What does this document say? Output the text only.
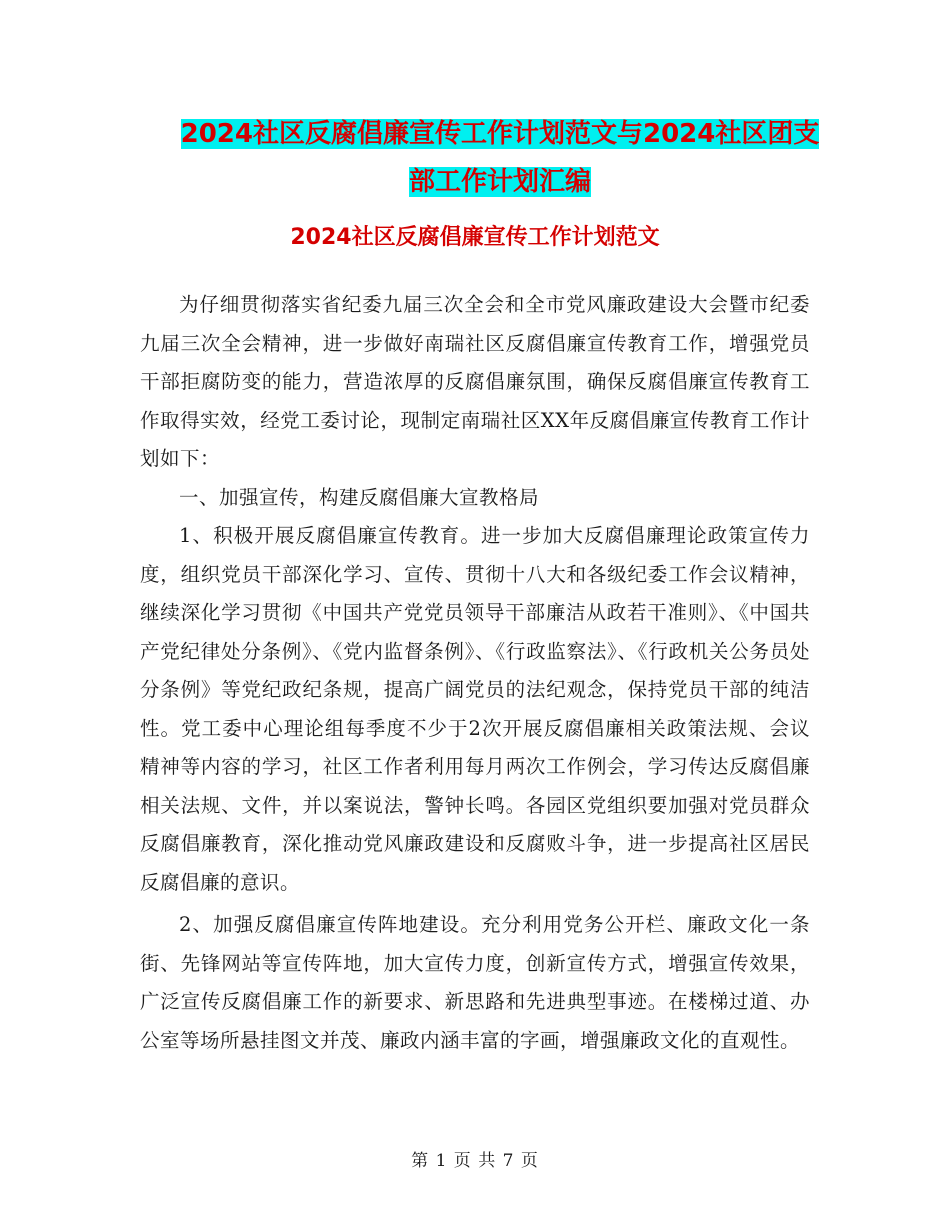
2024社区反腐倡廉宣传工作计划范文与2024社区团支
部工作计划汇编
2024社区反腐倡廉宣传工作计划范文

为仔细贯彻落实省纪委九届三次全会和全市党风廉政建设大会暨市纪委九届三次全会精神，进一步做好南瑞社区反腐倡廉宣传教育工作，增强党员干部拒腐防变的能力，营造浓厚的反腐倡廉氛围，确保反腐倡廉宣传教育工作取得实效，经党工委讨论，现制定南瑞社区XX年反腐倡廉宣传教育工作计划如下：

一、加强宣传，构建反腐倡廉大宣教格局

1、积极开展反腐倡廉宣传教育。进一步加大反腐倡廉理论政策宣传力度，组织党员干部深化学习、宣传、贯彻十八大和各级纪委工作会议精神，继续深化学习贯彻《中国共产党党员领导干部廉洁从政若干准则》、《中国共产党纪律处分条例》、《党内监督条例》、《行政监察法》、《行政机关公务员处分条例》等党纪政纪条规，提高广阔党员的法纪观念，保持党员干部的纯洁性。党工委中心理论组每季度不少于2次开展反腐倡廉相关政策法规、会议精神等内容的学习，社区工作者利用每月两次工作例会，学习传达反腐倡廉相关法规、文件，并以案说法，警钟长鸣。各园区党组织要加强对党员群众反腐倡廉教育，深化推动党风廉政建设和反腐败斗争，进一步提高社区居民反腐倡廉的意识。

2、加强反腐倡廉宣传阵地建设。充分利用党务公开栏、廉政文化一条街、先锋网站等宣传阵地，加大宣传力度，创新宣传方式，增强宣传效果，广泛宣传反腐倡廉工作的新要求、新思路和先进典型事迹。在楼梯过道、办公室等场所悬挂图文并茂、廉政内涵丰富的字画，增强廉政文化的直观性。

第 1 页 共 7 页
